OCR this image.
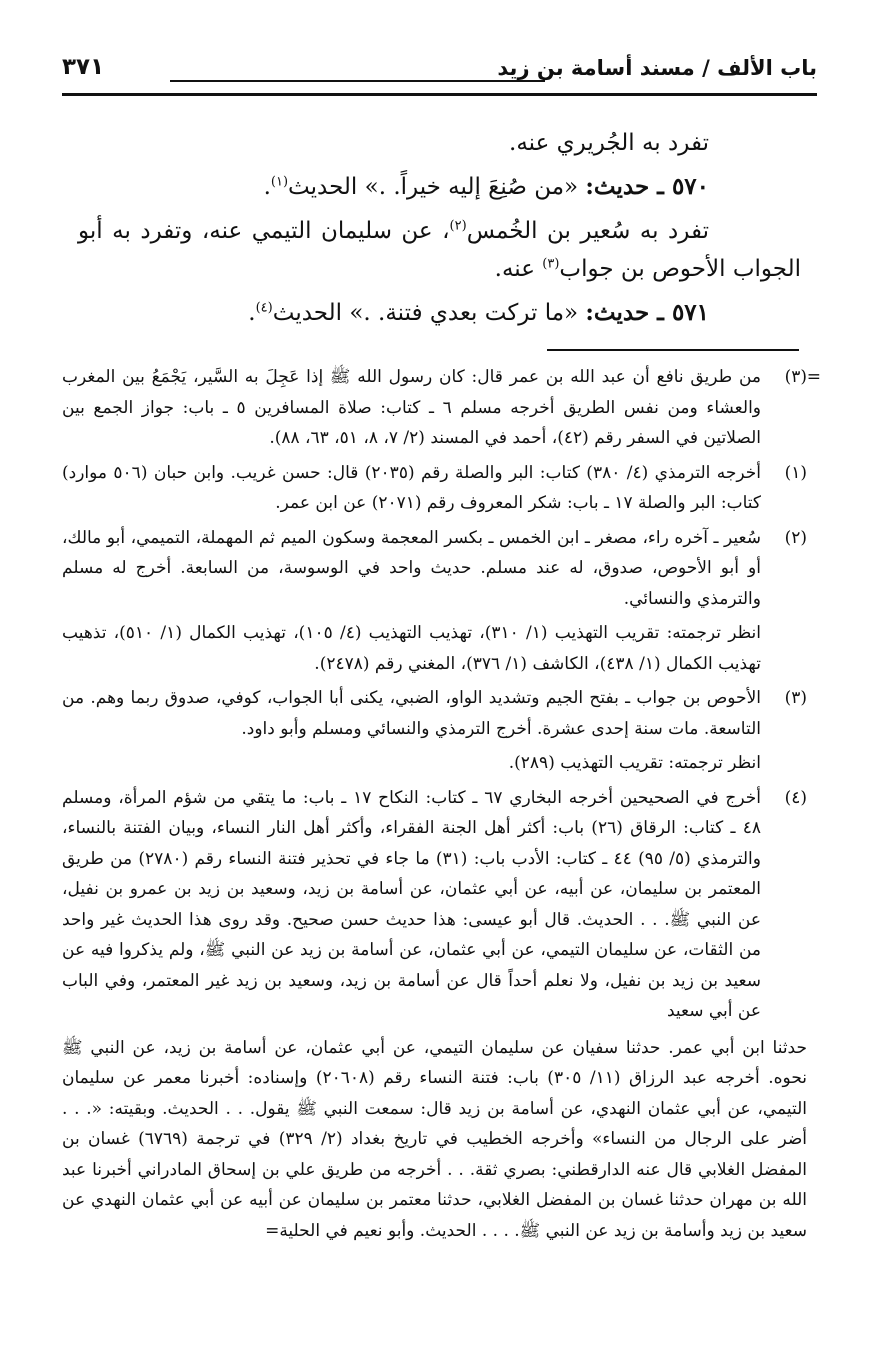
باب الألف / مسند أسامة بن زيد
٣٧١

تفرد به الجُريري عنه.

٥٧٠ ـ حديث: «من صُنِعَ إليه خيراً. .» الحديث$^{(١)}$.

تفرد به سُعير بن الخُمس$^{(٢)}$، عن سليمان التيمي عنه، وتفرد به أبو الجواب الأحوص بن جواب$^{(٣)}$ عنه.

٥٧١ ـ حديث: «ما تركت بعدي فتنة. .» الحديث$^{(٤)}$.

=
(٣)
من طريق نافع أن عبد الله بن عمر قال: كان رسول الله ﷺ إذا عَجِلَ به السَّير، يَجْمَعُ بين المغرب والعشاء ومن نفس الطريق أخرجه مسلم ٦ ـ كتاب: صلاة المسافرين ٥ ـ باب: جواز الجمع بين الصلاتين في السفر رقم (٤٢)، أحمد في المسند (٢/ ٧، ٨، ٥١، ٦٣، ٨٨).
(١)
أخرجه الترمذي (٤/ ٣٨٠) كتاب: البر والصلة رقم (٢٠٣٥) قال: حسن غريب. وابن حبان (٥٠٦ موارد) كتاب: البر والصلة ١٧ ـ باب: شكر المعروف رقم (٢٠٧١) عن ابن عمر.
(٢)
سُعير ـ آخره راء، مصغر ـ ابن الخمس ـ بكسر المعجمة وسكون الميم ثم المهملة، التميمي، أبو مالك، أو أبو الأحوص، صدوق، له عند مسلم. حديث واحد في الوسوسة، من السابعة. أخرج له مسلم والترمذي والنسائي.
انظر ترجمته: تقريب التهذيب (١/ ٣١٠)، تهذيب التهذيب (٤/ ١٠٥)، تهذيب الكمال (١/ ٥١٠)، تذهيب تهذيب الكمال (١/ ٤٣٨)، الكاشف (١/ ٣٧٦)، المغني رقم (٢٤٧٨).
(٣)
الأحوص بن جواب ـ بفتح الجيم وتشديد الواو، الضبي، يكنى أبا الجواب، كوفي، صدوق ربما وهم. من التاسعة. مات سنة إحدى عشرة. أخرج الترمذي والنسائي ومسلم وأبو داود.
انظر ترجمته: تقريب التهذيب (٢٨٩).
(٤)
أخرج في الصحيحين أخرجه البخاري ٦٧ ـ كتاب: النكاح ١٧ ـ باب: ما يتقي من شؤم المرأة، ومسلم ٤٨ ـ كتاب: الرقاق (٢٦) باب: أكثر أهل الجنة الفقراء، وأكثر أهل النار النساء، وبيان الفتنة بالنساء، والترمذي (٥/ ٩٥) ٤٤ ـ كتاب: الأدب باب: (٣١) ما جاء في تحذير فتنة النساء رقم (٢٧٨٠) من طريق المعتمر بن سليمان، عن أبيه، عن أبي عثمان، عن أسامة بن زيد، وسعيد بن زيد بن عمرو بن نفيل، عن النبي ﷺ. . . الحديث. قال أبو عيسى: هذا حديث حسن صحيح. وقد روى هذا الحديث غير واحد من الثقات، عن سليمان التيمي، عن أبي عثمان، عن أسامة بن زيد عن النبي ﷺ، ولم يذكروا فيه عن سعيد بن زيد بن نفيل، ولا نعلم أحداً قال عن أسامة بن زيد، وسعيد بن زيد غير المعتمر، وفي الباب عن أبي سعيد
حدثنا ابن أبي عمر. حدثنا سفيان عن سليمان التيمي، عن أبي عثمان، عن أسامة بن زيد، عن النبي ﷺ نحوه. أخرجه عبد الرزاق (١١/ ٣٠٥) باب: فتنة النساء رقم (٢٠٦٠٨) وإسناده: أخبرنا معمر عن سليمان التيمي، عن أبي عثمان النهدي، عن أسامة بن زيد قال: سمعت النبي ﷺ يقول. . . الحديث. وبقيته: «. . . أضر على الرجال من النساء» وأخرجه الخطيب في تاريخ بغداد (٢/ ٣٢٩) في ترجمة (٦٧٦٩) غسان بن المفضل الغلابي قال عنه الدارقطني: بصري ثقة. . . أخرجه من طريق علي بن إسحاق المادراني أخبرنا عبد الله بن مهران حدثنا غسان بن المفضل الغلابي، حدثنا معتمر بن سليمان عن أبيه عن أبي عثمان النهدي عن سعيد بن زيد وأسامة بن زيد عن النبي ﷺ. . . . الحديث. وأبو نعيم في الحلية=
